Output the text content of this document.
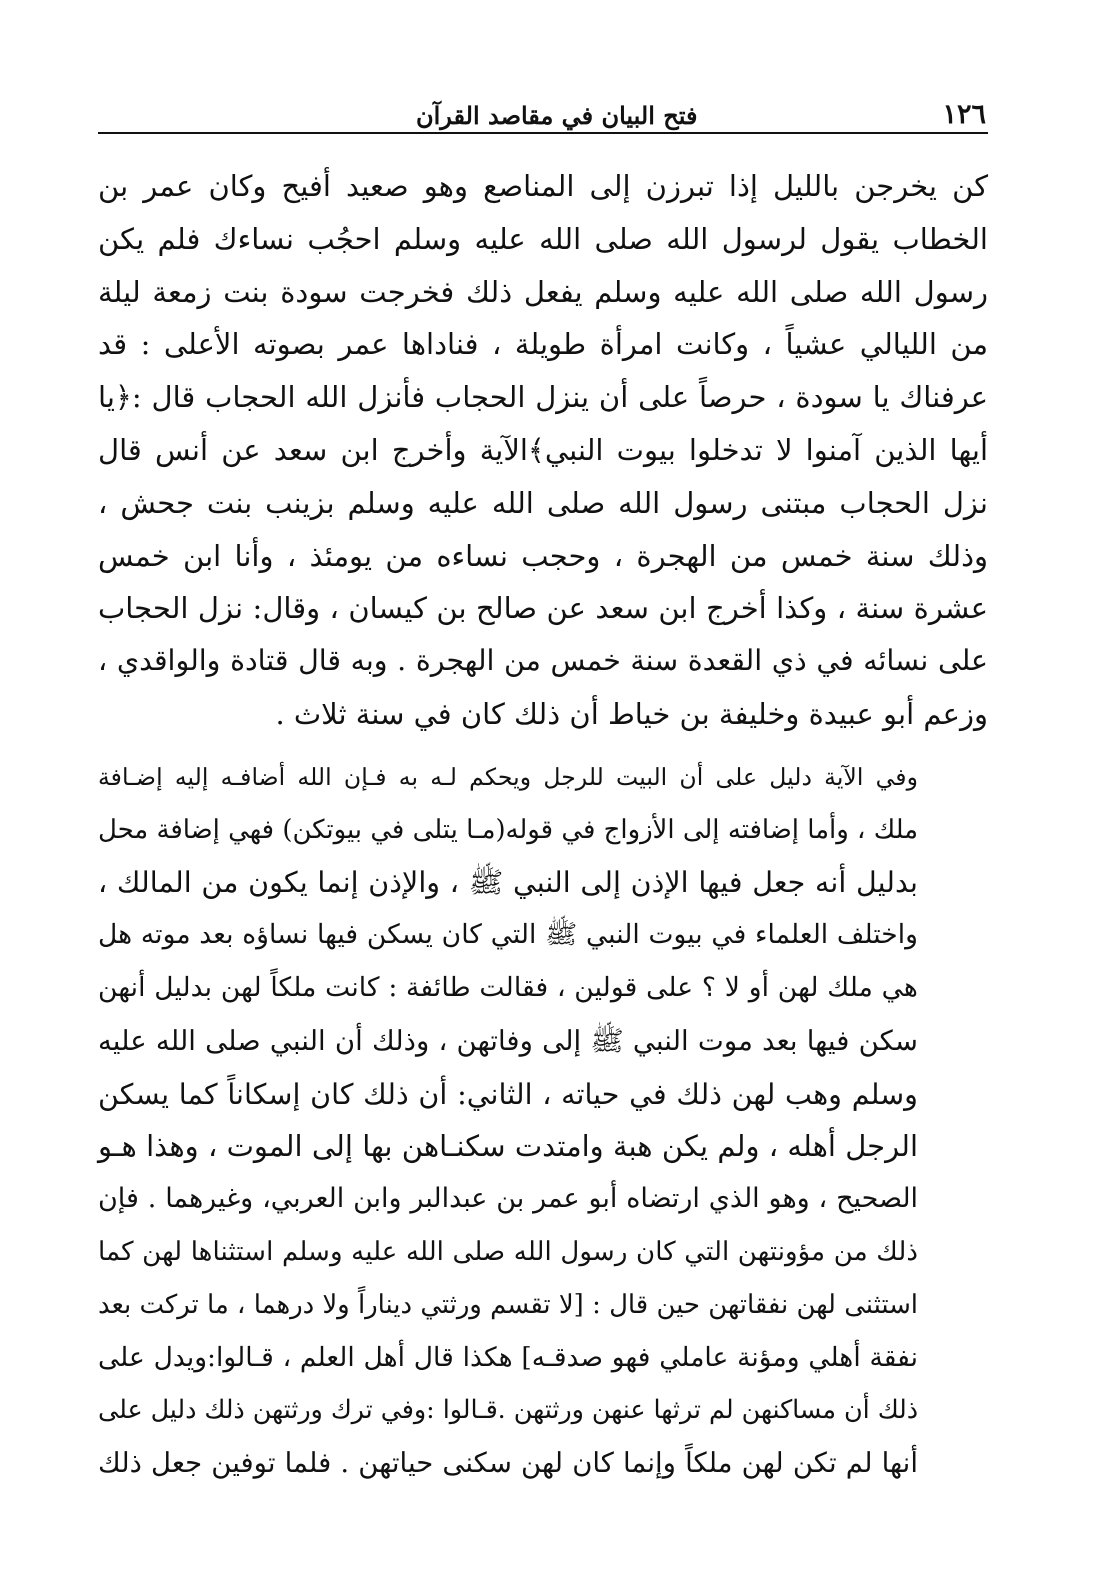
١٢٦
فتح البيان في مقاصد القرآن
كن يخرجن بالليل إذا تبرزن إلى المناصع وهو صعيد أفيح وكان عمر بن
الخطاب يقول لرسول الله صلى الله عليه وسلم احجُب نساءك فلم يكن
رسول الله صلى الله عليه وسلم يفعل ذلك فخرجت سودة بنت زمعة ليلة
من الليالي عشياً ، وكانت امرأة طويلة ، فناداها عمر بصوته الأعلى : قد
عرفناك يا سودة ، حرصاً على أن ينزل الحجاب فأنزل الله الحجاب قال :﴿يا
أيها الذين آمنوا لا تدخلوا بيوت النبي﴾الآية وأخرج ابن سعد عن أنس قال
نزل الحجاب مبتنى رسول الله صلى الله عليه وسلم بزينب بنت جحش ،
وذلك سنة خمس من الهجرة ، وحجب نساءه من يومئذ ، وأنا ابن خمس
عشرة سنة ، وكذا أخرج ابن سعد عن صالح بن كيسان ، وقال: نزل الحجاب
على نسائه في ذي القعدة سنة خمس من الهجرة . وبه قال قتادة والواقدي ،
وزعم أبو عبيدة وخليفة بن خياط أن ذلك كان في سنة ثلاث .
وفي الآية دليل على أن البيت للرجل ويحكم لـه به فـإن الله أضافـه إليه إضـافة
ملك ، وأما إضافته إلى الأزواج في قوله(مـا يتلى في بيوتكن) فهي إضافة محل
بدليل أنه جعل فيها الإذن إلى النبي ﷺ ، والإذن إنما يكون من المالك ،
واختلف العلماء في بيوت النبي ﷺ التي كان يسكن فيها نساؤه بعد موته هل
هي ملك لهن أو لا ؟ على قولين ، فقالت طائفة : كانت ملكاً لهن بدليل أنهن
سكن فيها بعد موت النبي ﷺ إلى وفاتهن ، وذلك أن النبي صلى الله عليه
وسلم وهب لهن ذلك في حياته ، الثاني: أن ذلك كان إسكاناً كما يسكن
الرجل أهله ، ولم يكن هبة وامتدت سكنـاهن بها إلى الموت ، وهذا هـو
الصحيح ، وهو الذي ارتضاه أبو عمر بن عبدالبر وابن العربي، وغيرهما . فإن
ذلك من مؤونتهن التي كان رسول الله صلى الله عليه وسلم استثناها لهن كما
استثنى لهن نفقاتهن حين قال : [لا تقسم ورثتي ديناراً ولا درهما ، ما تركت بعد
نفقة أهلي ومؤنة عاملي فهو صدقـه] هكذا قال أهل العلم ، قـالوا:ويدل على
ذلك أن مساكنهن لم ترثها عنهن ورثتهن .قـالوا :وفي ترك ورثتهن ذلك دليل على
أنها لم تكن لهن ملكاً وإنما كان لهن سكنى حياتهن . فلما توفين جعل ذلك
